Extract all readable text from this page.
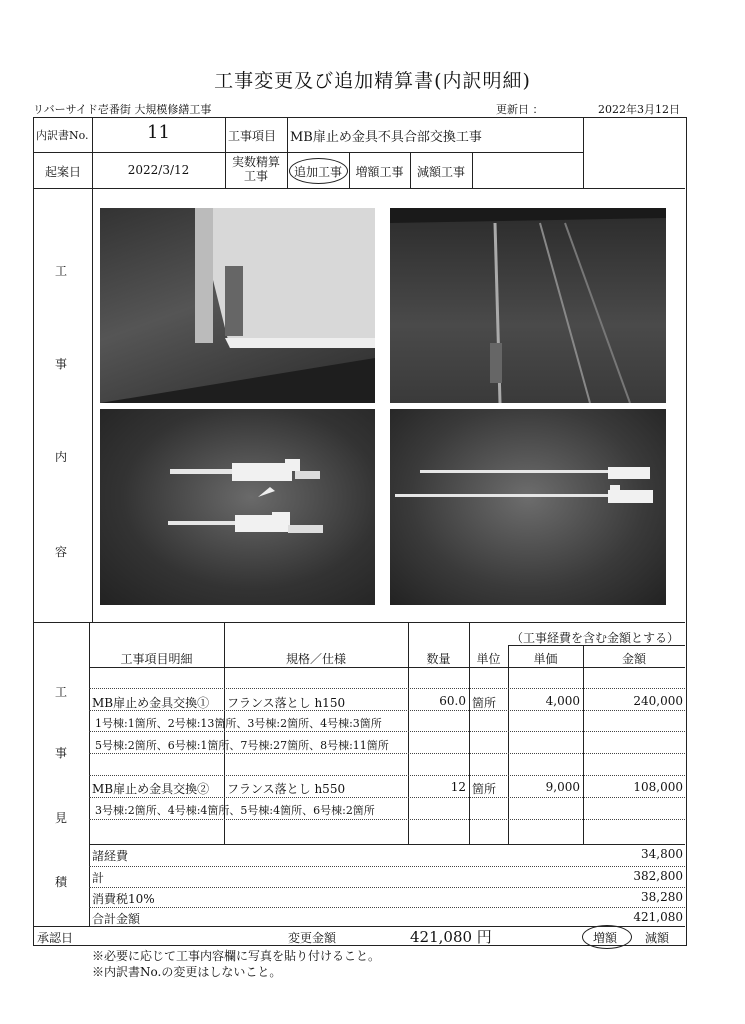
工事変更及び追加精算書(内訳明細)
リバーサイド壱番街 大規模修繕工事	更新日 ：	2022年3月12日
内訳書No.	11	工事項目 MB扉止め金具不具合部交換工事
起案日	2022/3/12
実数精算
工事	追加工事	増額工事	減額工事
工
事
内
容
工
事
見
積
（工事経費を含む金額とする）
工事項目明細	規格／仕様	数量	単位	単価	金額
MB扉止め金具交換① フランス落とし h150	60.0 箇所	4,000	240,000
1号棟:1箇所、2号棟:13箇所、3号棟:2箇所、4号棟:3箇所
5号棟:2箇所、6号棟:1箇所、7号棟:27箇所、8号棟:11箇所
MB扉止め金具交換② フランス落とし h550	12 箇所	9,000	108,000
3号棟:2箇所、4号棟:4箇所、5号棟:4箇所、6号棟:2箇所
諸経費	34,800
計	382,800
消費税10%	38,280
合計金額	421,080
承認日	変更金額	421,080 円	増額 減額
※必要に応じて工事内容欄に写真を貼り付けること。
※内訳書No.の変更はしないこと。
